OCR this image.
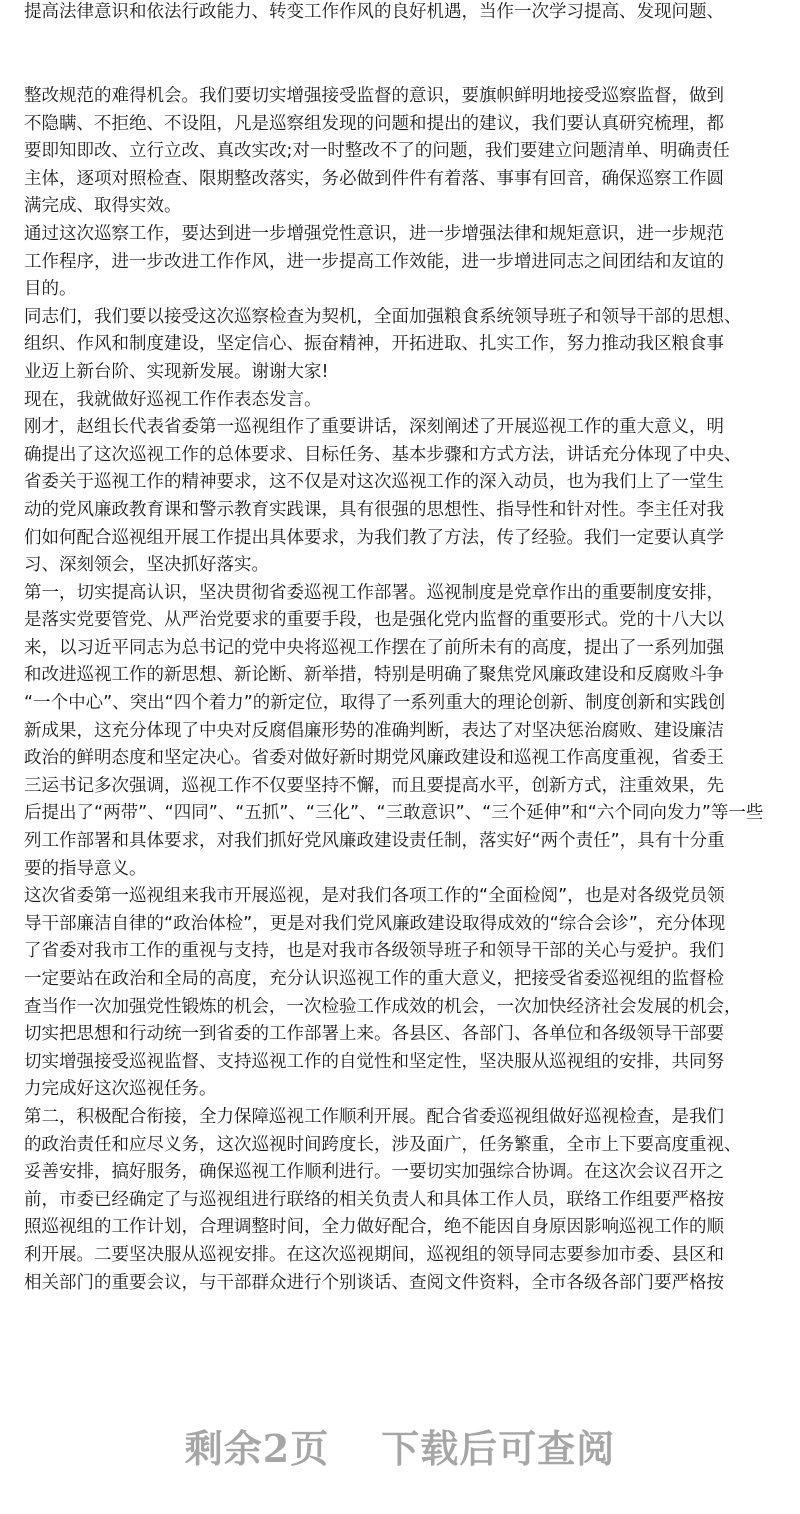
提高法律意识和依法行政能力、转变工作作风的良好机遇，当作一次学习提高、发现问题、
整改规范的难得机会。我们要切实增强接受监督的意识，要旗帜鲜明地接受巡察监督，做到
不隐瞒、不拒绝、不设阻，凡是巡察组发现的问题和提出的建议，我们要认真研究梳理，都
要即知即改、立行立改、真改实改;对一时整改不了的问题，我们要建立问题清单、明确责任
主体，逐项对照检查、限期整改落实，务必做到件件有着落、事事有回音，确保巡察工作圆
满完成、取得实效。
通过这次巡察工作，要达到进一步增强党性意识，进一步增强法律和规矩意识，进一步规范
工作程序，进一步改进工作作风，进一步提高工作效能，进一步增进同志之间团结和友谊的
目的。
同志们，我们要以接受这次巡察检查为契机，全面加强粮食系统领导班子和领导干部的思想、
组织、作风和制度建设，坚定信心、振奋精神，开拓进取、扎实工作，努力推动我区粮食事
业迈上新台阶、实现新发展。谢谢大家!
现在，我就做好巡视工作作表态发言。
刚才，赵组长代表省委第一巡视组作了重要讲话，深刻阐述了开展巡视工作的重大意义，明
确提出了这次巡视工作的总体要求、目标任务、基本步骤和方式方法，讲话充分体现了中央、
省委关于巡视工作的精神要求，这不仅是对这次巡视工作的深入动员，也为我们上了一堂生
动的党风廉政教育课和警示教育实践课，具有很强的思想性、指导性和针对性。李主任对我
们如何配合巡视组开展工作提出具体要求，为我们教了方法，传了经验。我们一定要认真学
习、深刻领会，坚决抓好落实。
第一，切实提高认识，坚决贯彻省委巡视工作部署。巡视制度是党章作出的重要制度安排，
是落实党要管党、从严治党要求的重要手段，也是强化党内监督的重要形式。党的十八大以
来，以习近平同志为总书记的党中央将巡视工作摆在了前所未有的高度，提出了一系列加强
和改进巡视工作的新思想、新论断、新举措，特别是明确了聚焦党风廉政建设和反腐败斗争
“一个中心”、突出“四个着力”的新定位，取得了一系列重大的理论创新、制度创新和实践创
新成果，这充分体现了中央对反腐倡廉形势的准确判断，表达了对坚决惩治腐败、建设廉洁
政治的鲜明态度和坚定决心。省委对做好新时期党风廉政建设和巡视工作高度重视，省委王
三运书记多次强调，巡视工作不仅要坚持不懈，而且要提高水平，创新方式，注重效果，先
后提出了“两带”、“四同”、“五抓”、“三化”、“三敢意识”、“三个延伸”和“六个同向发力”等一些
列工作部署和具体要求，对我们抓好党风廉政建设责任制，落实好“两个责任”，具有十分重
要的指导意义。
这次省委第一巡视组来我市开展巡视，是对我们各项工作的“全面检阅”，也是对各级党员领
导干部廉洁自律的“政治体检”，更是对我们党风廉政建设取得成效的“综合会诊”，充分体现
了省委对我市工作的重视与支持，也是对我市各级领导班子和领导干部的关心与爱护。我们
一定要站在政治和全局的高度，充分认识巡视工作的重大意义，把接受省委巡视组的监督检
查当作一次加强党性锻炼的机会，一次检验工作成效的机会，一次加快经济社会发展的机会，
切实把思想和行动统一到省委的工作部署上来。各县区、各部门、各单位和各级领导干部要
切实增强接受巡视监督、支持巡视工作的自觉性和坚定性，坚决服从巡视组的安排，共同努
力完成好这次巡视任务。
第二，积极配合衔接，全力保障巡视工作顺利开展。配合省委巡视组做好巡视检查，是我们
的政治责任和应尽义务，这次巡视时间跨度长，涉及面广，任务繁重，全市上下要高度重视、
妥善安排，搞好服务，确保巡视工作顺利进行。一要切实加强综合协调。在这次会议召开之
前，市委已经确定了与巡视组进行联络的相关负责人和具体工作人员，联络工作组要严格按
照巡视组的工作计划，合理调整时间，全力做好配合，绝不能因自身原因影响巡视工作的顺
利开展。二要坚决服从巡视安排。在这次巡视期间，巡视组的领导同志要参加市委、县区和
相关部门的重要会议，与干部群众进行个别谈话、查阅文件资料，全市各级各部门要严格按
剩余2页 下载后可查阅
